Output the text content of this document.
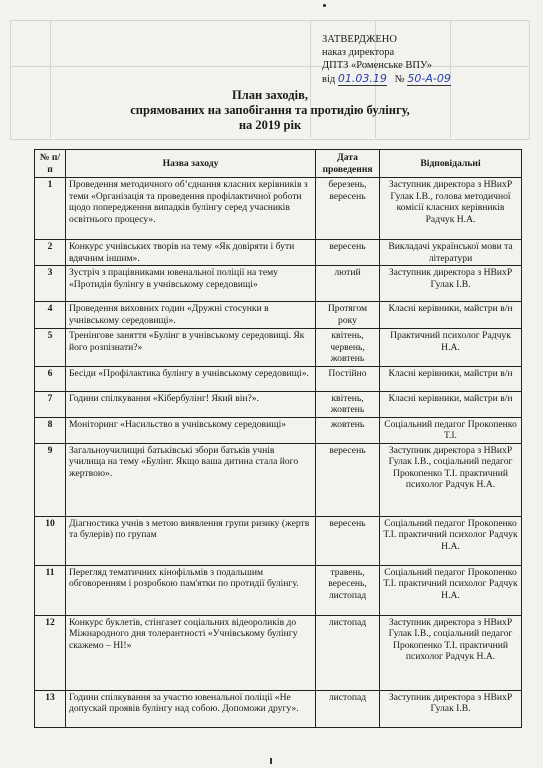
ЗАТВЕРДЖЕНО
наказ директора
ДПТЗ «Роменське ВПУ»
від 01.03.19 № 50-А-09
План заходів,
спрямованих на запобігання та протидію булінгу,
на 2019 рік
№ п/п	Назва заходу	Дата проведення	Відповідальні
1	Проведення методичного об’єднання класних керівників з теми «Організація та проведення профілактичної роботи щодо попередження випадків булінгу серед учасників освітнього процесу».	березень, вересень	Заступник директора з НВихР Гулак І.В., голова методичної комісії класних керівників Радчук Н.А.
2	Конкурс учнівських творів на тему «Як довіряти і бути вдячним іншим».	вересень	Викладачі української мови та літератури
3	Зустріч з працівниками ювенальної поліції на тему «Протидія булінгу в учнівському середовищі»	лютий	Заступник директора з НВихР Гулак І.В.
4	Проведення виховних годин «Дружні стосунки в учнівському середовищі».	Протягом року	Класні керівники, майстри в/н
5	Тренінгове заняття «Булінг в учнівському середовищі. Як його розпізнати?»	квітень, червень, жовтень	Практичний психолог Радчук Н.А.
6	Бесіди «Профілактика булінгу в учнівському середовищі».	Постійно	Класні керівники, майстри в/н
7	Години спілкування «Кібербулінг! Який він?».	квітень, жовтень	Класні керівники, майстри в/н
8	Моніторинг «Насильство в учнівському середовищі»	жовтень	Соціальний педагог Прокопенко Т.І.
9	Загальноучилищні батьківські збори батьків учнів училища на тему «Булінг. Якщо ваша дитина стала його жертвою».	вересень	Заступник директора з НВихР Гулак І.В., соціальний педагог Прокопенко Т.І. практичний психолог Радчук Н.А.
10	Діагностика учнів з метою виявлення групи ризику (жертв та булерів) по групам	вересень	Соціальний педагог Прокопенко Т.І. практичний психолог Радчук Н.А.
11	Перегляд тематичних кінофільмів з подальшим обговоренням і розробкою пам'ятки по протидії булінгу.	травень, вересень, листопад	Соціальний педагог Прокопенко Т.І. практичний психолог Радчук Н.А.
12	Конкурс буклетів, стінгазет соціальних відеороликів до Міжнародного дня толерантності «Учнівському булінгу скажемо – НІ!»	листопад	Заступник директора з НВихР Гулак І.В., соціальний педагог Прокопенко Т.І. практичний психолог Радчук Н.А.
13	Години спілкування за участю ювенальної поліції «Не допускай проявів булінгу над собою. Допоможи другу».	листопад	Заступник директора з НВихР Гулак І.В.
